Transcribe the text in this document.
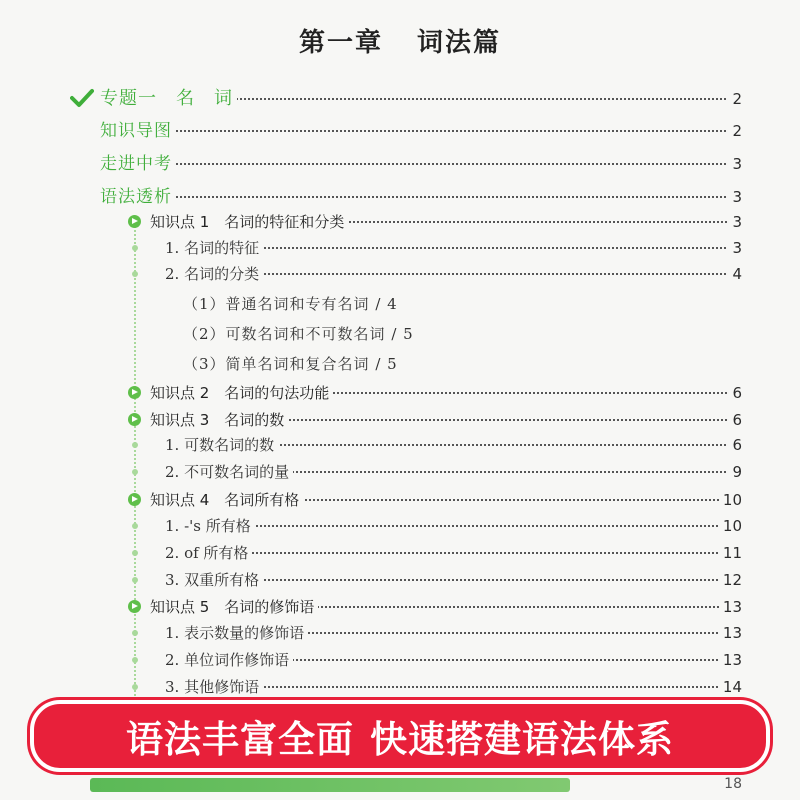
第一章 词法篇
专题一　名　词	2
知识导图	2
走进中考	3
语法透析	3
知识点 1　名词的特征和分类	3
1. 名词的特征	3
2. 名词的分类	4
（1）普通名词和专有名词 / 4
（2）可数名词和不可数名词 / 5
（3）简单名词和复合名词 / 5
知识点 2　名词的句法功能	6
知识点 3　名词的数	6
1. 可数名词的数	6
2. 不可数名词的量	9
知识点 4　名词所有格	10
1. -'s 所有格	10
2. of 所有格	11
3. 双重所有格	12
知识点 5　名词的修饰语	13
1. 表示数量的修饰语	13
2. 单位词作修饰语	13
3. 其他修饰语	14
语法丰富全面 快速搭建语法体系
18
